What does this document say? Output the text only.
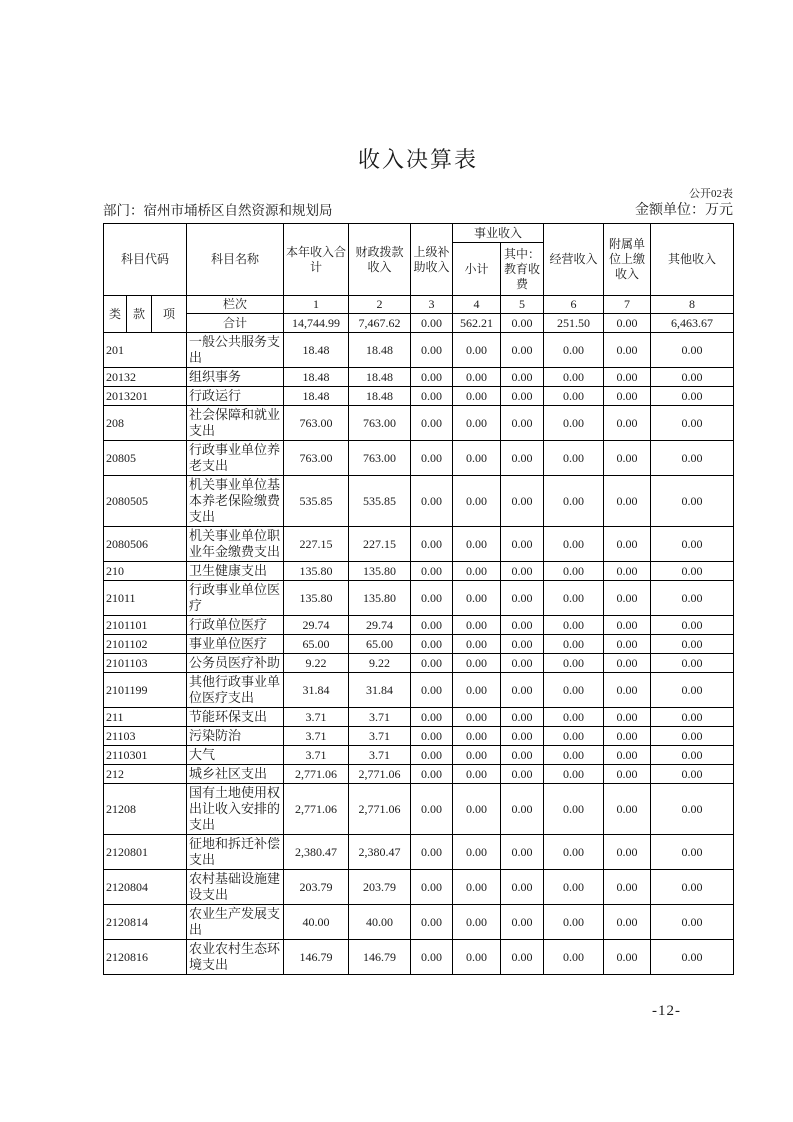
收入决算表
公开02表
部门：宿州市埇桥区自然资源和规划局	金额单位：万元
科目代码			科目名称	本年收入合计	财政拨款收入	上级补助收入	事业收入		经营收入	附属单位上缴收入	其他收入
							小计	其中：教育收费			
类	款	项	栏次	1	2	3	4	5	6	7	8
			合计	14,744.99	7,467.62	0.00	562.21	0.00	251.50	0.00	6,463.67
201			一般公共服务支出	18.48	18.48	0.00	0.00	0.00	0.00	0.00	0.00
20132			组织事务	18.48	18.48	0.00	0.00	0.00	0.00	0.00	0.00
2013201			行政运行	18.48	18.48	0.00	0.00	0.00	0.00	0.00	0.00
208			社会保障和就业支出	763.00	763.00	0.00	0.00	0.00	0.00	0.00	0.00
20805			行政事业单位养老支出	763.00	763.00	0.00	0.00	0.00	0.00	0.00	0.00
2080505			机关事业单位基本养老保险缴费支出	535.85	535.85	0.00	0.00	0.00	0.00	0.00	0.00
2080506			机关事业单位职业年金缴费支出	227.15	227.15	0.00	0.00	0.00	0.00	0.00	0.00
210			卫生健康支出	135.80	135.80	0.00	0.00	0.00	0.00	0.00	0.00
21011			行政事业单位医疗	135.80	135.80	0.00	0.00	0.00	0.00	0.00	0.00
2101101			行政单位医疗	29.74	29.74	0.00	0.00	0.00	0.00	0.00	0.00
2101102			事业单位医疗	65.00	65.00	0.00	0.00	0.00	0.00	0.00	0.00
2101103			公务员医疗补助	9.22	9.22	0.00	0.00	0.00	0.00	0.00	0.00
2101199			其他行政事业单位医疗支出	31.84	31.84	0.00	0.00	0.00	0.00	0.00	0.00
211			节能环保支出	3.71	3.71	0.00	0.00	0.00	0.00	0.00	0.00
21103			污染防治	3.71	3.71	0.00	0.00	0.00	0.00	0.00	0.00
2110301			大气	3.71	3.71	0.00	0.00	0.00	0.00	0.00	0.00
212			城乡社区支出	2,771.06	2,771.06	0.00	0.00	0.00	0.00	0.00	0.00
21208			国有土地使用权出让收入安排的支出	2,771.06	2,771.06	0.00	0.00	0.00	0.00	0.00	0.00
2120801			征地和拆迁补偿支出	2,380.47	2,380.47	0.00	0.00	0.00	0.00	0.00	0.00
2120804			农村基础设施建设支出	203.79	203.79	0.00	0.00	0.00	0.00	0.00	0.00
2120814			农业生产发展支出	40.00	40.00	0.00	0.00	0.00	0.00	0.00	0.00
2120816			农业农村生态环境支出	146.79	146.79	0.00	0.00	0.00	0.00	0.00	0.00
-12-
